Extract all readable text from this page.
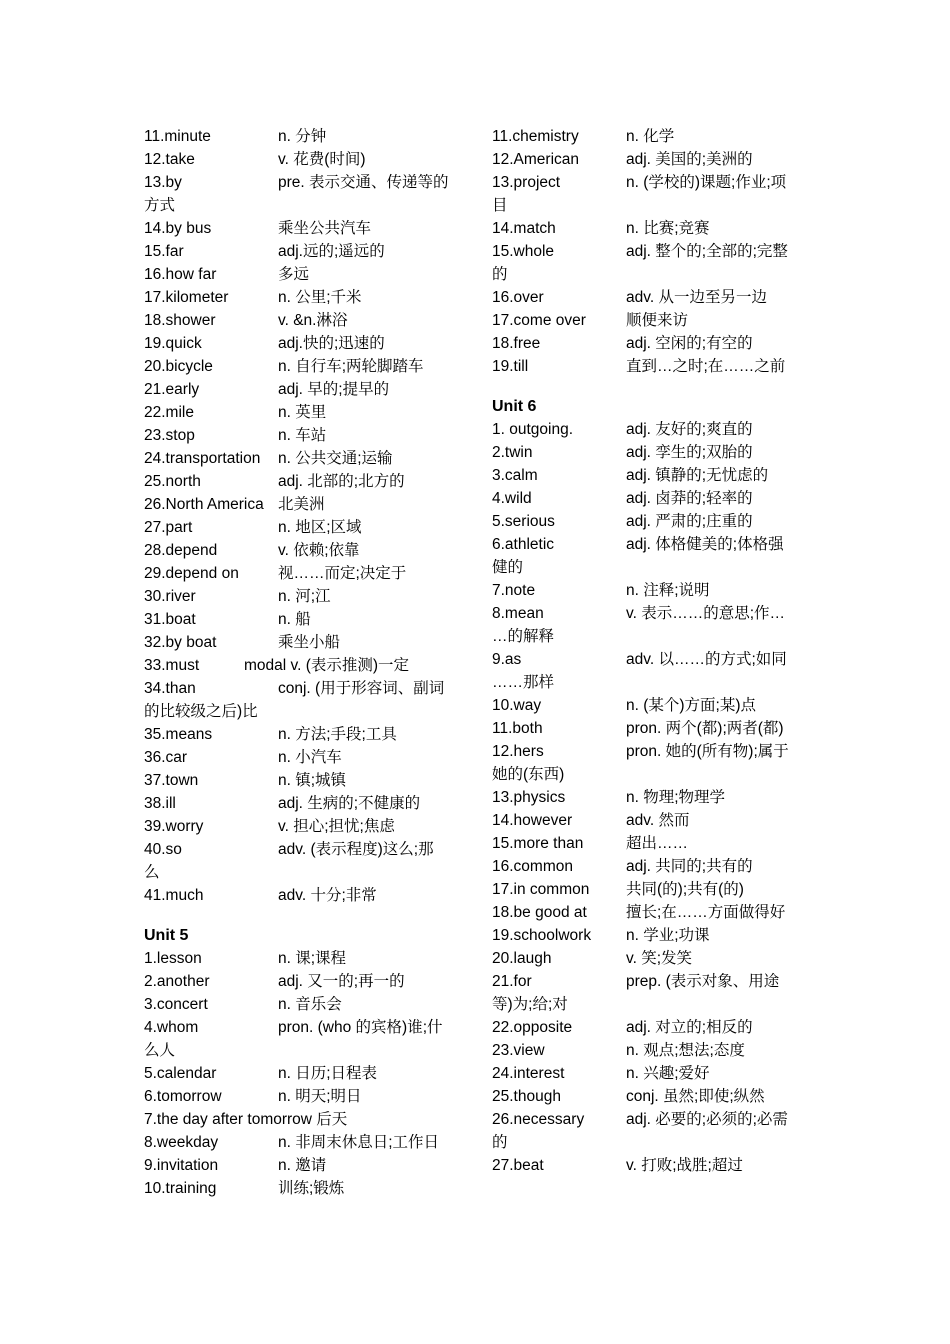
11.minute	n. 分钟
12.take	v. 花费(时间)
13.by	pre. 表示交通、传递等的
方式
14.by bus	乘坐公共汽车
15.far	adj.远的;遥远的
16.how far	多远
17.kilometer	n. 公里;千米
18.shower	v. &n.淋浴
19.quick	adj.快的;迅速的
20.bicycle	n. 自行车;两轮脚踏车
21.early	adj. 早的;提早的
22.mile	n. 英里
23.stop	n. 车站
24.transportation n. 公共交通;运输
25.north	adj. 北部的;北方的
26.North America 北美洲
27.part	n. 地区;区域
28.depend	v. 依赖;依靠
29.depend on	视……而定;决定于
30.river	n. 河;江
31.boat	n. 船
32.by boat	乘坐小船
33.must	modal v. (表示推测)一定
34.than	conj. (用于形容词、副词
的比较级之后)比
35.means	n. 方法;手段;工具
36.car	n. 小汽车
37.town	n. 镇;城镇
38.ill	adj. 生病的;不健康的
39.worry	v. 担心;担忧;焦虑
40.so	adv. (表示程度)这么;那
么
41.much	adv. 十分;非常
Unit 5
1.lesson	n. 课;课程
2.another	adj. 又一的;再一的
3.concert	n. 音乐会
4.whom	pron. (who 的宾格)谁;什
么人
5.calendar	n. 日历;日程表
6.tomorrow	n. 明天;明日
7.the day after tomorrow 后天
8.weekday	n. 非周末休息日;工作日
9.invitation	n. 邀请
10.training	训练;锻炼
11.chemistry	n. 化学
12.American	adj. 美国的;美洲的
13.project	n. (学校的)课题;作业;项
目
14.match	n. 比赛;竞赛
15.whole	adj. 整个的;全部的;完整
的
16.over	adv. 从一边至另一边
17.come over	顺便来访
18.free	adj. 空闲的;有空的
19.till	直到…之时;在……之前
Unit 6
1. outgoing.	adj. 友好的;爽直的
2.twin	adj. 孪生的;双胎的
3.calm	adj. 镇静的;无忧虑的
4.wild	adj. 卤莽的;轻率的
5.serious	adj. 严肃的;庄重的
6.athletic	adj. 体格健美的;体格强
健的
7.note	n. 注释;说明
8.mean	v. 表示……的意思;作…
…的解释
9.as	adv. 以……的方式;如同
……那样
10.way	n. (某个)方面;某)点
11.both	pron. 两个(都);两者(都)
12.hers	pron. 她的(所有物);属于
她的(东西)
13.physics	n. 物理;物理学
14.however	adv. 然而
15.more than	超出……
16.common	adj. 共同的;共有的
17.in common 共同(的);共有(的)
18.be good at	擅长;在……方面做得好
19.schoolwork n. 学业;功课
20.laugh	v. 笑;发笑
21.for	prep. (表示对象、用途
等)为;给;对
22.opposite	adj. 对立的;相反的
23.view	n. 观点;想法;态度
24.interest	n. 兴趣;爱好
25.though	conj. 虽然;即使;纵然
26.necessary	adj. 必要的;必须的;必需
的
27.beat	v. 打败;战胜;超过
